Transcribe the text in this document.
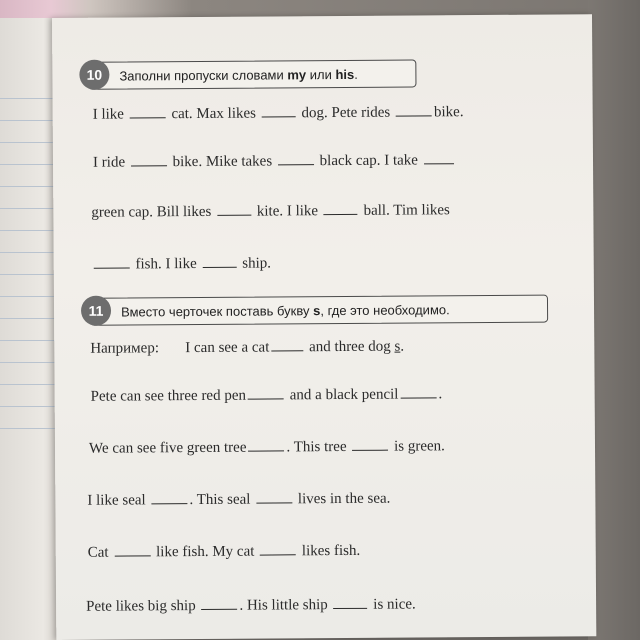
10	Заполни пропуски словами my или his.
I like	cat. Max likes	dog. Pete rides	bike.
I ride	bike. Mike takes	black cap. I take
green cap. Bill likes	kite. I like	ball. Tim likes
fish. I like	ship.
11	Вместо черточек поставь букву s, где это необходимо.
Например: I can see a cat	and three dog s.
Pete can see three red pen	and a black pencil	.
We can see five green tree	. This tree	is green.
I like seal	. This seal	lives in the sea.
Cat	like fish. My cat	likes fish.
Pete likes big ship	. His little ship	is nice.
